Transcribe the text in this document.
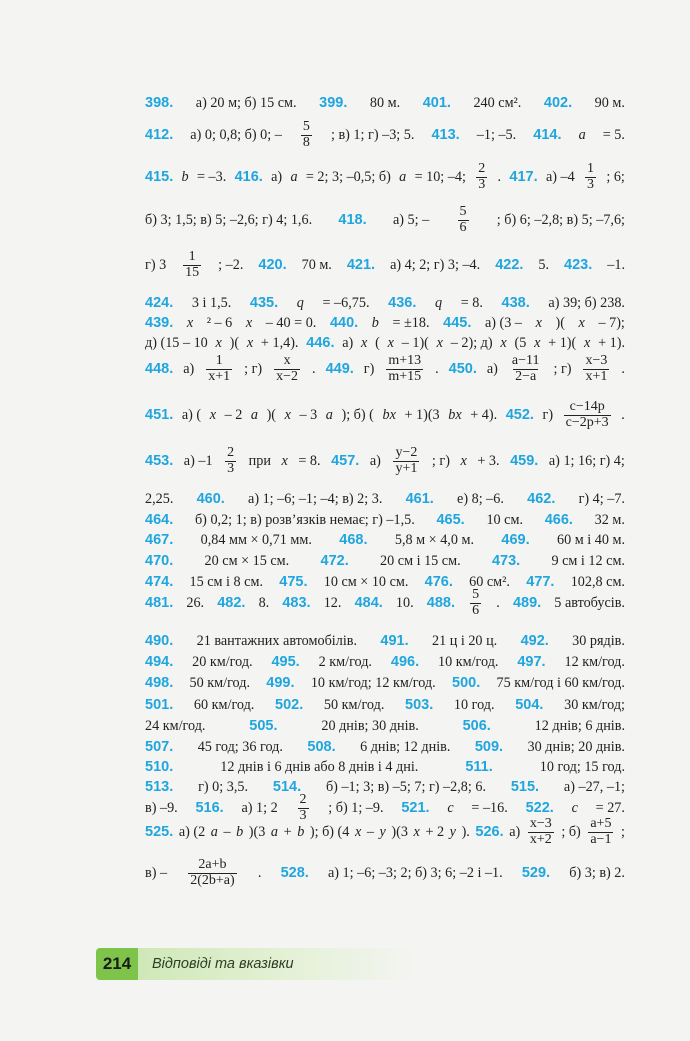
398. а) 20 м; б) 15 см. 399. 80 м. 401. 240 см². 402. 90 м.
412. а) 0; 0,8; б) 0; – $\frac{5}{8}$ ; в) 1; г) –3; 5. 413. –1; –5. 414. a = 5.
415. b = –3. 416. а) a = 2; 3; –0,5; б) a = 10; –4; $\frac{2}{3}$ . 417. а) $-4 \frac{1}{3}$ ; 6;
б) 3; 1,5; в) 5; –2,6; г) 4; 1,6. 418. а) 5; – $\frac{5}{6}$ ; б) 6; –2,8; в) 5; –7,6;
г) $3 \frac{1}{15}$ ; –2. 420. 70 м. 421. а) 4; 2; г) 3; –4. 422. 5. 423. –1.
424. 3 і 1,5. 435. q = –6,75. 436. q = 8. 438. а) 39; б) 238.
439. x ² – 6 x – 40 = 0. 440. b = ±18. 445. а) (3 – x )( x – 7);
д) (15 – 10 x )( x + 1,4). 446. а) x ( x – 1)( x – 2); д) x (5 x + 1)( x + 1).
448. $а) \frac{1}{x+1}$ ; $г) \frac{x}{x-2}$ . 449. $г) \frac{m+13}{m+15}$ . 450. $а) \frac{a-11}{2-a}$ ; $г) \frac{x-3}{x+1}$ .
451. а) ( x – 2 a )( x – 3 a ); б) ( bx + 1)(3 bx + 4). 452. $г) \frac{c-14p}{c-2p+3}$ .
453. а) $-1 \frac{2}{3}$ при x = 8. 457. $а) \frac{y-2}{y+1}$ ; г) x + 3. 459. а) 1; 16; г) 4;
2,25. 460. а) 1; –6; –1; –4; в) 2; 3. 461. е) 8; –6. 462. г) 4; –7.
464. б) 0,2; 1; в) розв’язків немає; г) –1,5. 465. 10 см. 466. 32 м.
467. 0,84 мм × 0,71 мм. 468. 5,8 м × 4,0 м. 469. 60 м і 40 м.
470. 20 см × 15 см. 472. 20 см і 15 см. 473. 9 см і 12 см.
474. 15 см і 8 см. 475. 10 см × 10 см. 476. 60 см². 477. 102,8 см.
481. 26. 482. 8. 483. 12. 484. 10. 488. $\frac{5}{6}$ . 489. 5 автобусів.
490. 21 вантажних автомобілів. 491. 21 ц і 20 ц. 492. 30 рядів.
494. 20 км/год. 495. 2 км/год. 496. 10 км/год. 497. 12 км/год.
498. 50 км/год. 499. 10 км/год; 12 км/год. 500. 75 км/год і 60 км/год.
501. 60 км/год. 502. 50 км/год. 503. 10 год. 504. 30 км/год;
24 км/год.	505.	20 днів; 30 днів.	506.	12 днів; 6 днів.
507. 45 год; 36 год. 508. 6 днів; 12 днів. 509. 30 днів; 20 днів.
510.	12 днів і 6 днів або 8 днів і 4 дні.	511.	10 год; 15 год.
513. г) 0; 3,5. 514. б) –1; 3; в) –5; 7; г) –2,8; 6. 515. а) –27, –1;
в) –9. 516. а) 1; $2 \frac{2}{3}$ ; б) 1; –9. 521. c = –16. 522. c = 27.
525. а) (2 a – b )(3 a + b ); б) (4 x – y )(3 x + 2 y ). 526. $а) \frac{x-3}{x+2}$ ; $б) \frac{a+5}{a-1}$ ;
$в) - \frac{2a+b}{2(2b+a)}$ . 528. а) 1; –6; –3; 2; б) 3; 6; –2 і –1. 529. б) 3; в) 2.
214	Відповіді та вказівки
